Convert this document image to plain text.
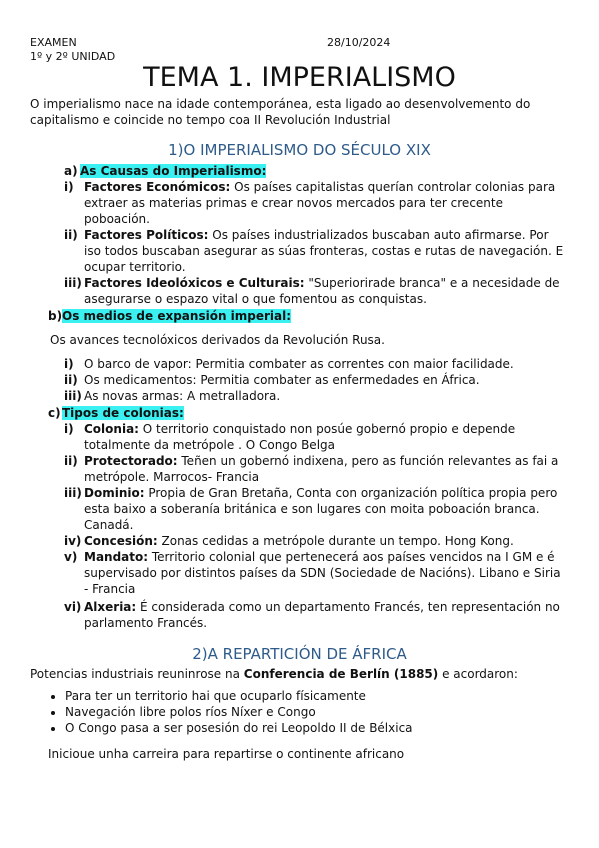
EXAMEN
1º y 2º UNIDAD
28/10/2024
TEMA 1. IMPERIALISMO
O imperialismo nace na idade contemporánea, esta ligado ao desenvolvemento do capitalismo e coincide no tempo coa II Revolución Industrial
1)O IMPERIALISMO DO SÉCULO XIX
a) As Causas do Imperialismo:
i) Factores Económicos: Os países capitalistas querían controlar colonias para extraer as materias primas e crear novos mercados para ter crecente poboación.
ii) Factores Políticos: Os países industrializados buscaban auto afirmarse. Por iso todos buscaban asegurar as súas fronteras, costas e rutas de navegación. E ocupar territorio.
iii) Factores Ideolóxicos e Culturais: "Superiorirade branca" e a necesidade de asegurarse o espazo vital o que fomentou as conquistas.
b) Os medios de expansión imperial:
Os avances tecnolóxicos derivados da Revolución Rusa.
i) O barco de vapor: Permitia combater as correntes con maior facilidade.
ii) Os medicamentos: Permitia combater as enfermedades en África.
iii) As novas armas: A metralladora.
c) Tipos de colonias:
i) Colonia: O territorio conquistado non posúe gobernó propio e depende totalmente da metrópole . O Congo Belga
ii) Protectorado: Teñen un gobernó indixena, pero as función relevantes as fai a metrópole. Marrocos- Francia
iii) Dominio: Propia de Gran Bretaña, Conta con organización política propia pero esta baixo a soberanía británica e son lugares con moita poboación branca. Canadá.
iv) Concesión: Zonas cedidas a metrópole durante un tempo. Hong Kong.
v) Mandato: Territorio colonial que pertenecerá aos países vencidos na I GM e é supervisado por distintos países da SDN (Sociedade de Nacións). Libano e Siria - Francia
vi) Alxeria: É considerada como un departamento Francés, ten representación no parlamento Francés.
2)A REPARTICIÓN DE ÁFRICA
Potencias industriais reuninrose na Conferencia de Berlín (1885) e acordaron:
• Para ter un territorio hai que ocuparlo físicamente
• Navegación libre polos ríos Níxer e Congo
• O Congo pasa a ser posesión do rei Leopoldo II de Bélxica
Inicioue unha carreira para repartirse o continente africano
